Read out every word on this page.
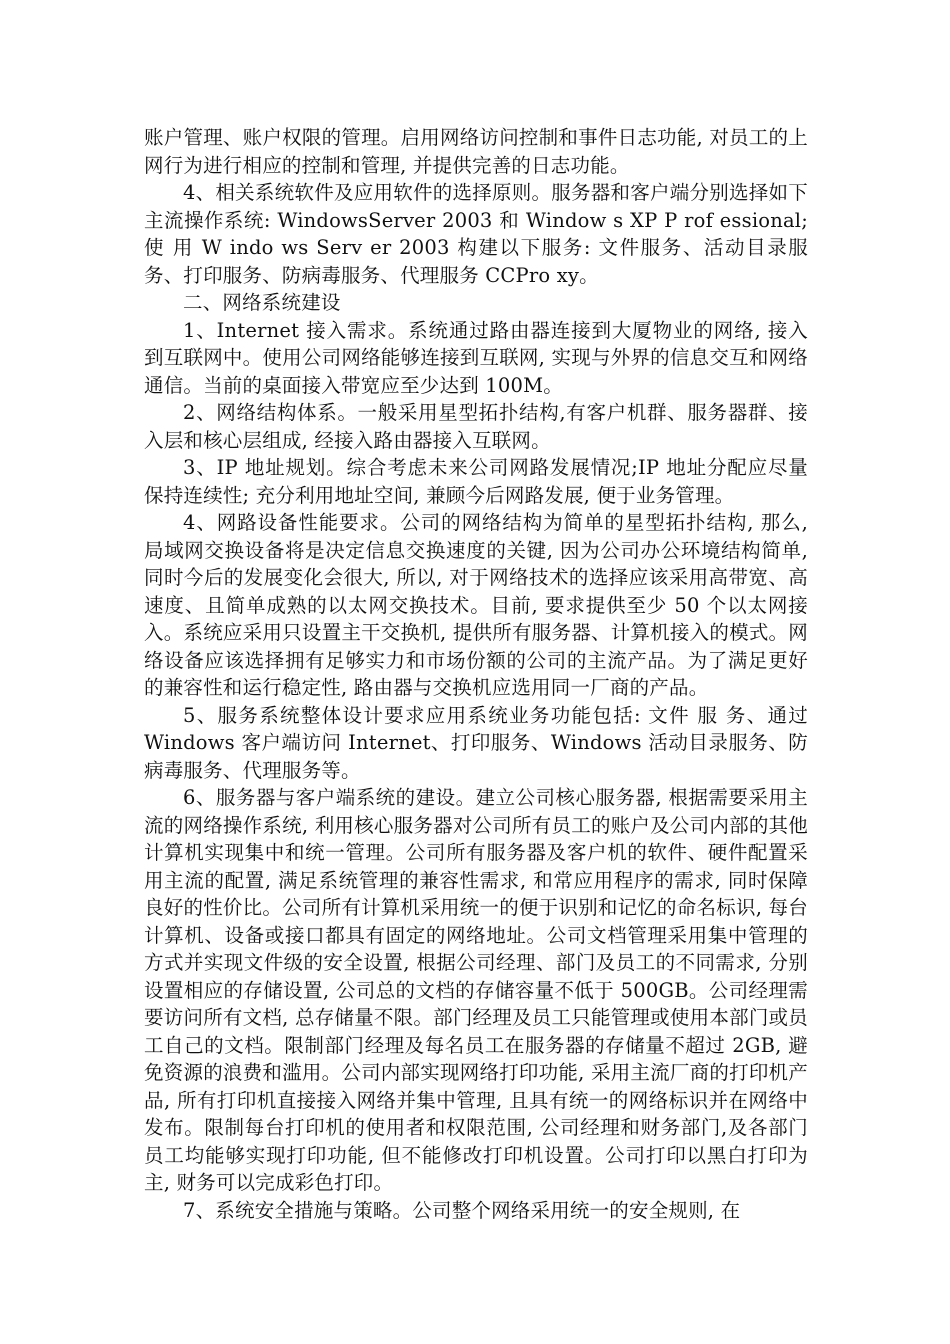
账户管理、账户权限的管理。启用网络访问控制和事件日志功能, 对员工的上网行为进行相应的控制和管理, 并提供完善的日志功能。

4、相关系统软件及应用软件的选择原则。服务器和客户端分别选择如下主流操作系统: WindowsServer 2003 和 Window s XP P rof essional; 使 用 W indo ws Serv er 2003 构建以下服务: 文件服务、活动目录服务、打印服务、防病毒服务、代理服务 CCPro xy。

二、网络系统建设

1、Internet 接入需求。系统通过路由器连接到大厦物业的网络, 接入到互联网中。使用公司网络能够连接到互联网, 实现与外界的信息交互和网络通信。当前的桌面接入带宽应至少达到 100M。

2、网络结构体系。一般采用星型拓扑结构,有客户机群、服务器群、接入层和核心层组成, 经接入路由器接入互联网。

3、IP 地址规划。综合考虑未来公司网路发展情况;IP 地址分配应尽量保持连续性; 充分利用地址空间, 兼顾今后网路发展, 便于业务管理。

4、网路设备性能要求。公司的网络结构为简单的星型拓扑结构, 那么, 局域网交换设备将是决定信息交换速度的关键, 因为公司办公环境结构简单, 同时今后的发展变化会很大, 所以, 对于网络技术的选择应该采用高带宽、高速度、且简单成熟的以太网交换技术。目前, 要求提供至少 50 个以太网接入。系统应采用只设置主干交换机, 提供所有服务器、计算机接入的模式。网络设备应该选择拥有足够实力和市场份额的公司的主流产品。为了满足更好的兼容性和运行稳定性, 路由器与交换机应选用同一厂商的产品。

5、服务系统整体设计要求应用系统业务功能包括: 文件 服 务、通过 Windows 客户端访问 Internet、打印服务、Windows 活动目录服务、防病毒服务、代理服务等。

6、服务器与客户端系统的建设。建立公司核心服务器, 根据需要采用主流的网络操作系统, 利用核心服务器对公司所有员工的账户及公司内部的其他计算机实现集中和统一管理。公司所有服务器及客户机的软件、硬件配置采用主流的配置, 满足系统管理的兼容性需求, 和常应用程序的需求, 同时保障良好的性价比。公司所有计算机采用统一的便于识别和记忆的命名标识, 每台计算机、设备或接口都具有固定的网络地址。公司文档管理采用集中管理的方式并实现文件级的安全设置, 根据公司经理、部门及员工的不同需求, 分别设置相应的存储设置, 公司总的文档的存储容量不低于 500GB。公司经理需要访问所有文档, 总存储量不限。部门经理及员工只能管理或使用本部门或员工自己的文档。限制部门经理及每名员工在服务器的存储量不超过 2GB, 避免资源的浪费和滥用。公司内部实现网络打印功能, 采用主流厂商的打印机产品, 所有打印机直接接入网络并集中管理, 且具有统一的网络标识并在网络中发布。限制每台打印机的使用者和权限范围, 公司经理和财务部门,及各部门员工均能够实现打印功能, 但不能修改打印机设置。公司打印以黑白打印为主, 财务可以完成彩色打印。

7、系统安全措施与策略。公司整个网络采用统一的安全规则, 在
